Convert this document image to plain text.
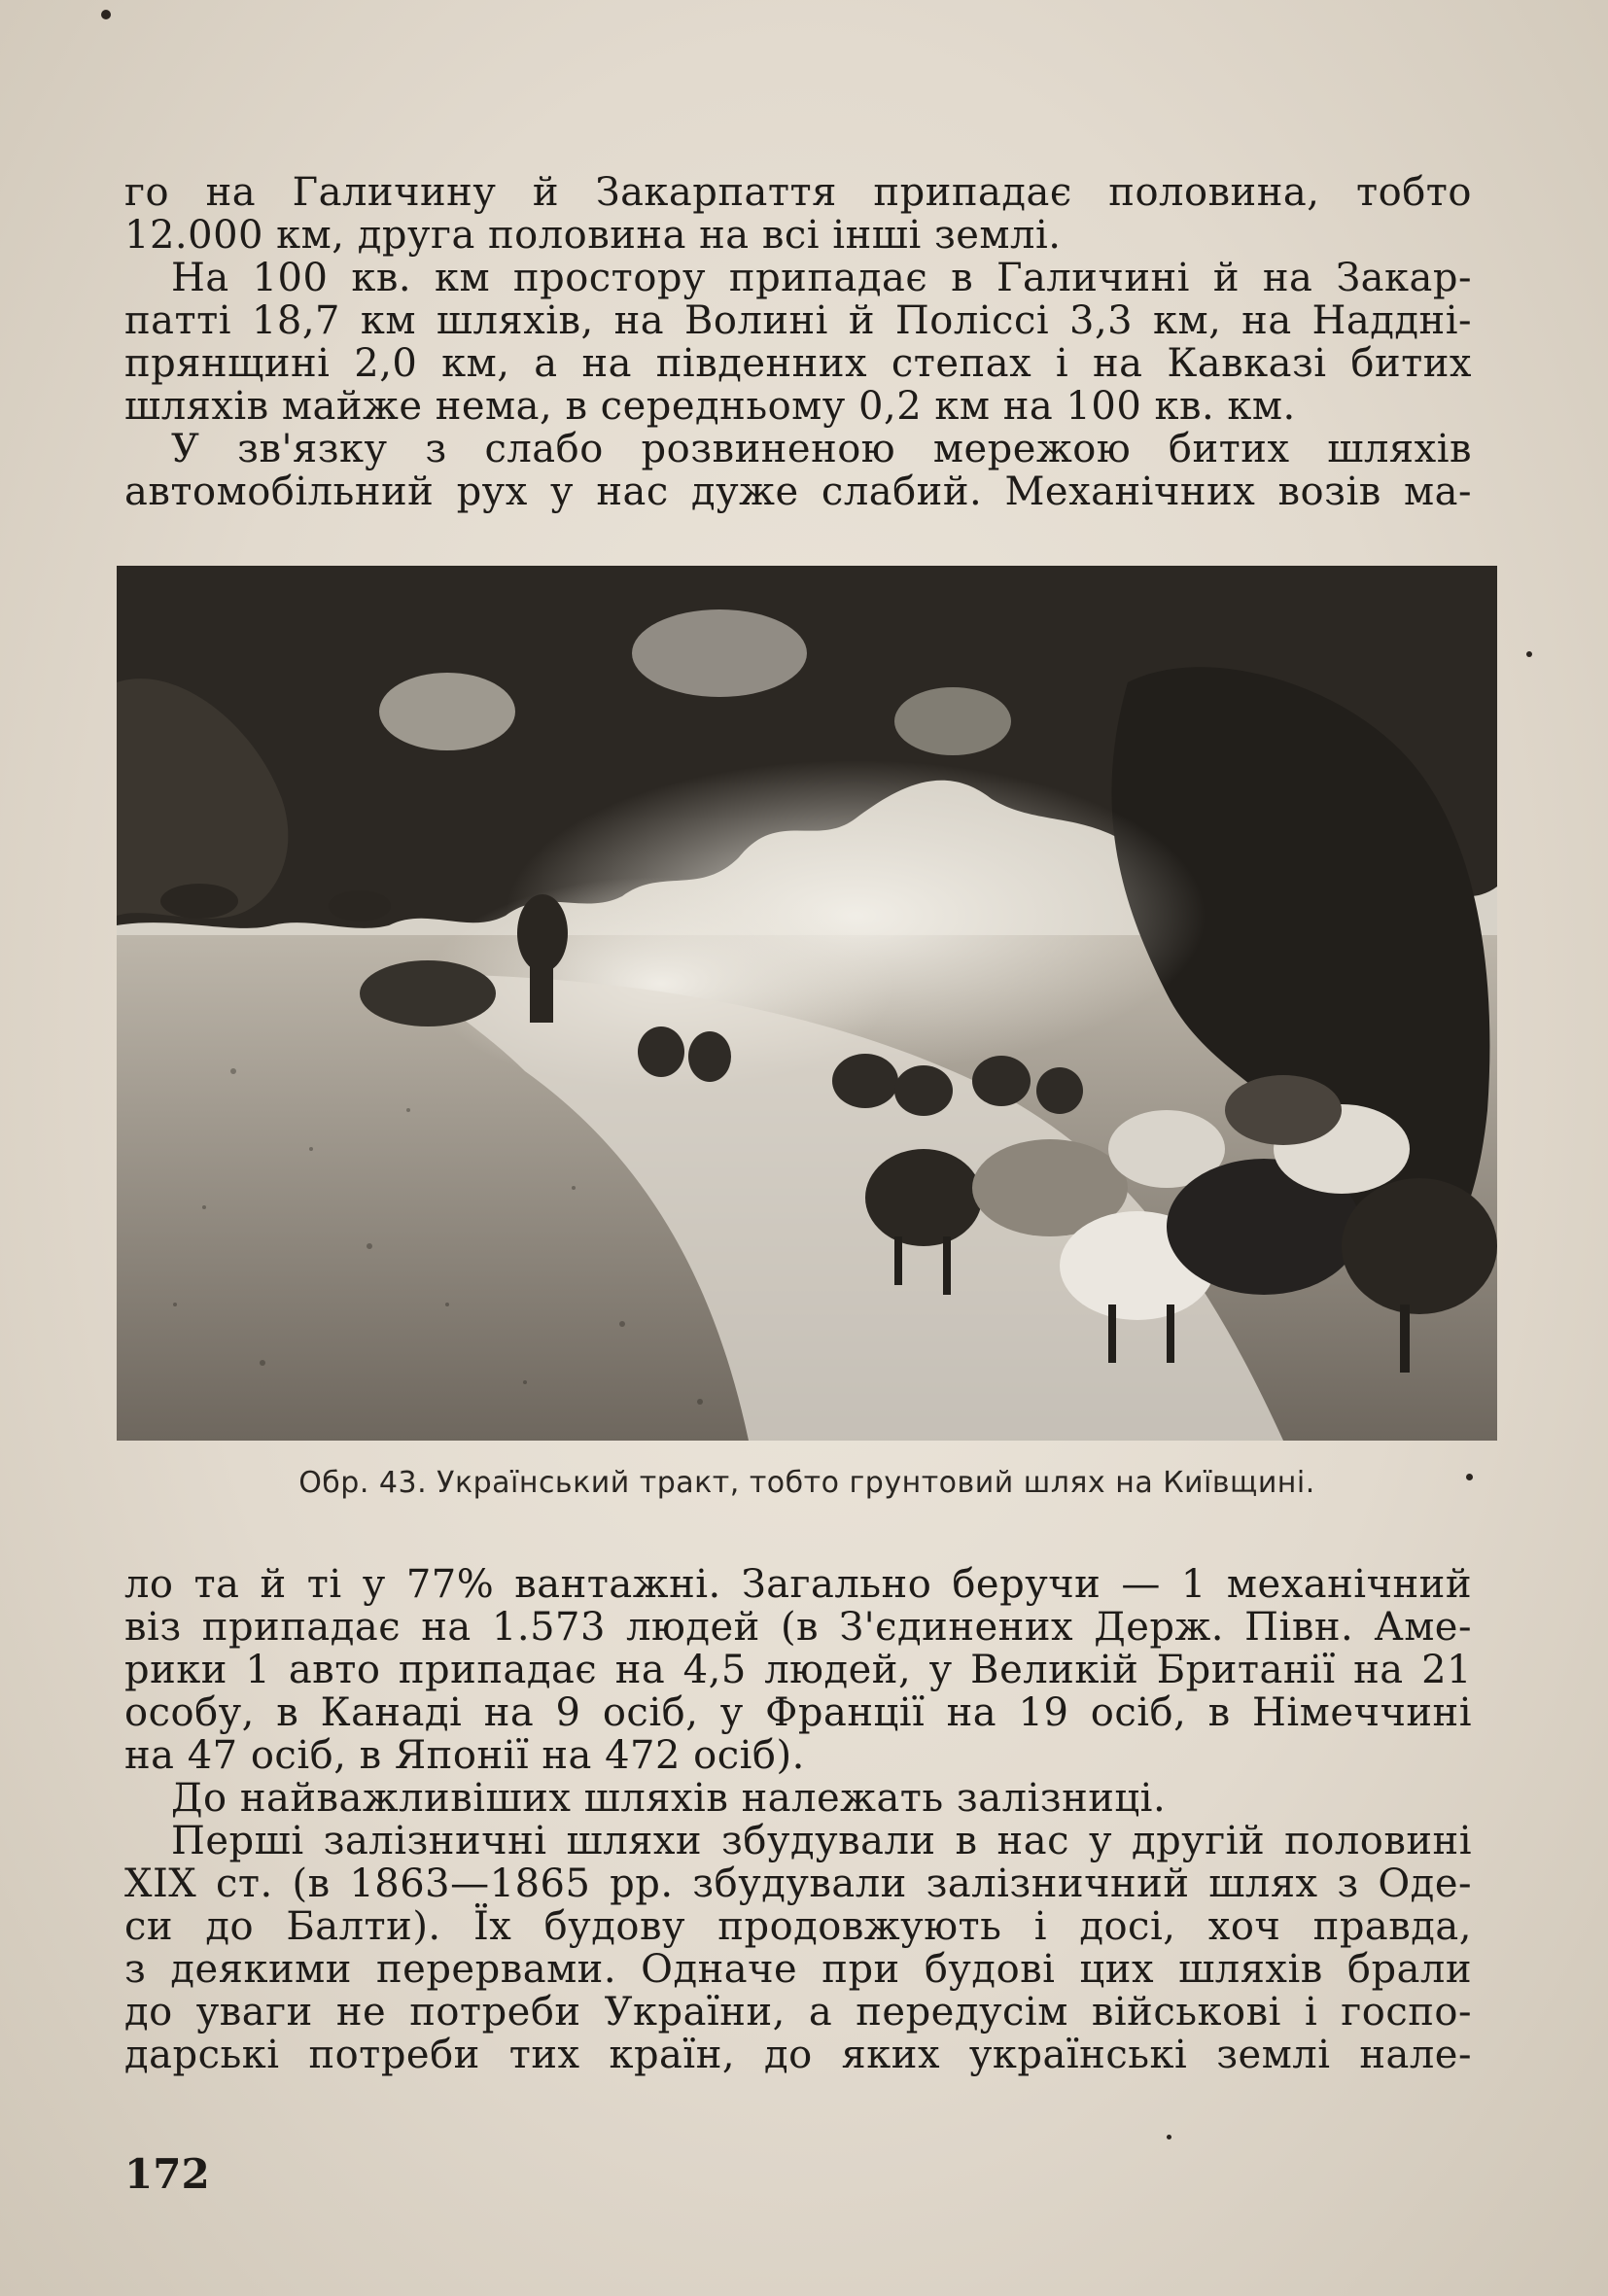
го на Галичину й Закарпаття припадає половина, тобто
12.000 км, друга половина на всі інші землі.
На 100 кв. км простору припадає в Галичині й на Закар-
патті 18,7 км шляхів, на Волині й Поліссі 3,3 км, на Наддні-
прянщині 2,0 км, а на південних степах і на Кавказі битих
шляхів майже нема, в середньому 0,2 км на 100 кв. км.
У зв'язку з слабо розвиненою мережою битих шляхів
автомобільний рух у нас дуже слабий. Механічних возів ма-
Обр. 43. Український тракт, тобто грунтовий шлях на Київщині.
ло та й ті у 77% вантажні. Загально беручи — 1 механічний
віз припадає на 1.573 людей (в З'єдинених Держ. Півн. Аме-
рики 1 авто припадає на 4,5 людей, у Великій Британії на 21
особу, в Канаді на 9 осіб, у Франції на 19 осіб, в Німеччині
на 47 осіб, в Японії на 472 осіб).
До найважливіших шляхів належать залізниці.
Перші залізничні шляхи збудували в нас у другій половині
XIX ст. (в 1863—1865 рр. збудували залізничний шлях з Оде-
си до Балти). Їх будову продовжують і досі, хоч правда,
з деякими перервами. Одначе при будові цих шляхів брали
до уваги не потреби України, а передусім військові і госпо-
дарські потреби тих країн, до яких українські землі нале-
172
